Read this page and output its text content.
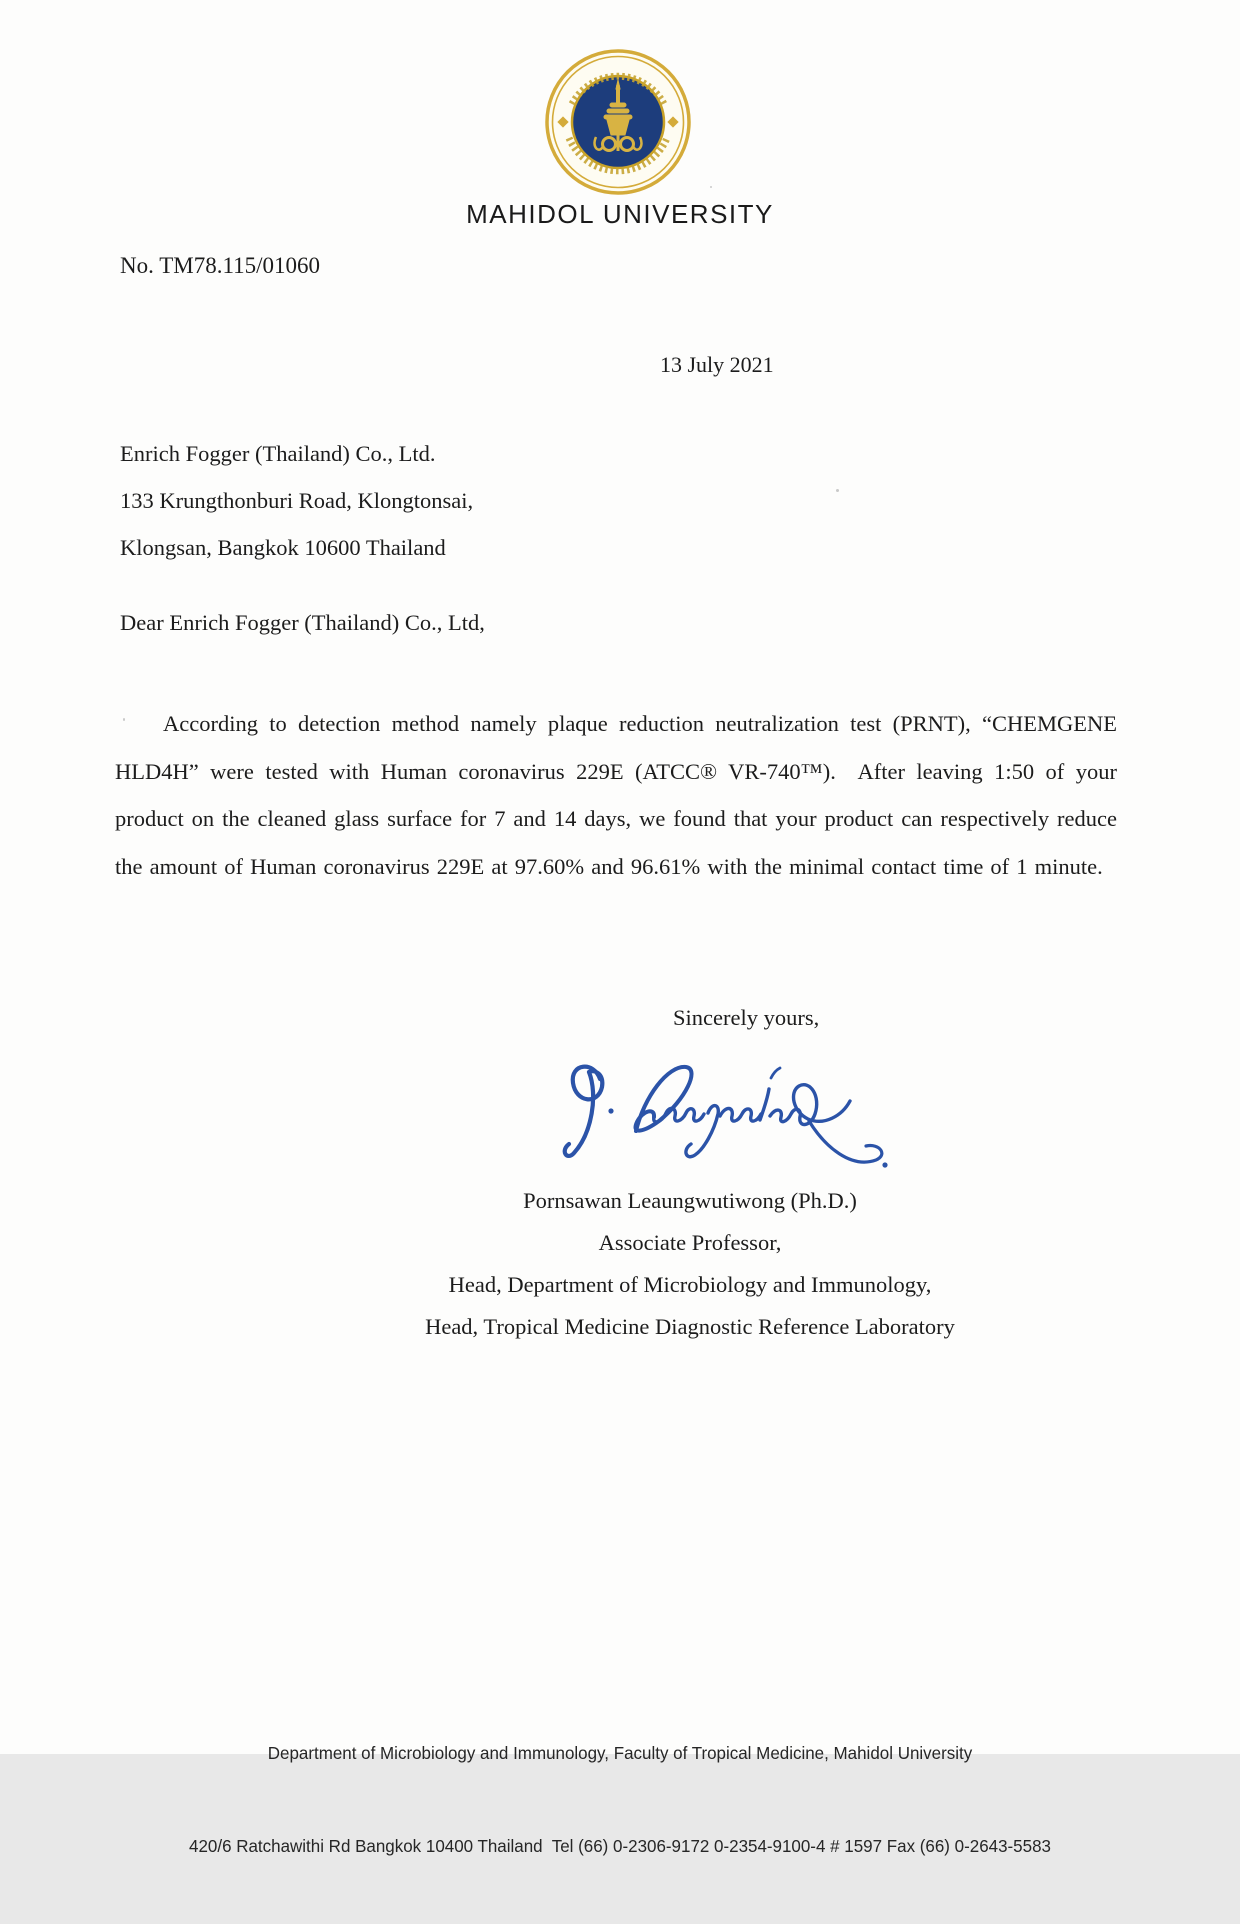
MAHIDOL UNIVERSITY
No. TM78.115/01060
13 July 2021
Enrich Fogger (Thailand) Co., Ltd.
133 Krungthonburi Road, Klongtonsai,
Klongsan, Bangkok 10600 Thailand
Dear Enrich Fogger (Thailand) Co., Ltd,
According to detection method namely plaque reduction neutralization test (PRNT), “CHEMGENE HLD4H” were tested with Human coronavirus 229E (ATCC® VR-740™).  After leaving 1:50 of your product on the cleaned glass surface for 7 and 14 days, we found that your product can respectively reduce the amount of Human coronavirus 229E at 97.60% and 96.61% with the minimal contact time of 1 minute.
Sincerely yours,
Pornsawan Leaungwutiwong (Ph.D.)
Associate Professor,
Head, Department of Microbiology and Immunology,
Head, Tropical Medicine Diagnostic Reference Laboratory

Department of Microbiology and Immunology, Faculty of Tropical Medicine, Mahidol University

420/6 Ratchawithi Rd Bangkok 10400 Thailand  Tel (66) 0-2306-9172 0-2354-9100-4 # 1597 Fax (66) 0-2643-5583
